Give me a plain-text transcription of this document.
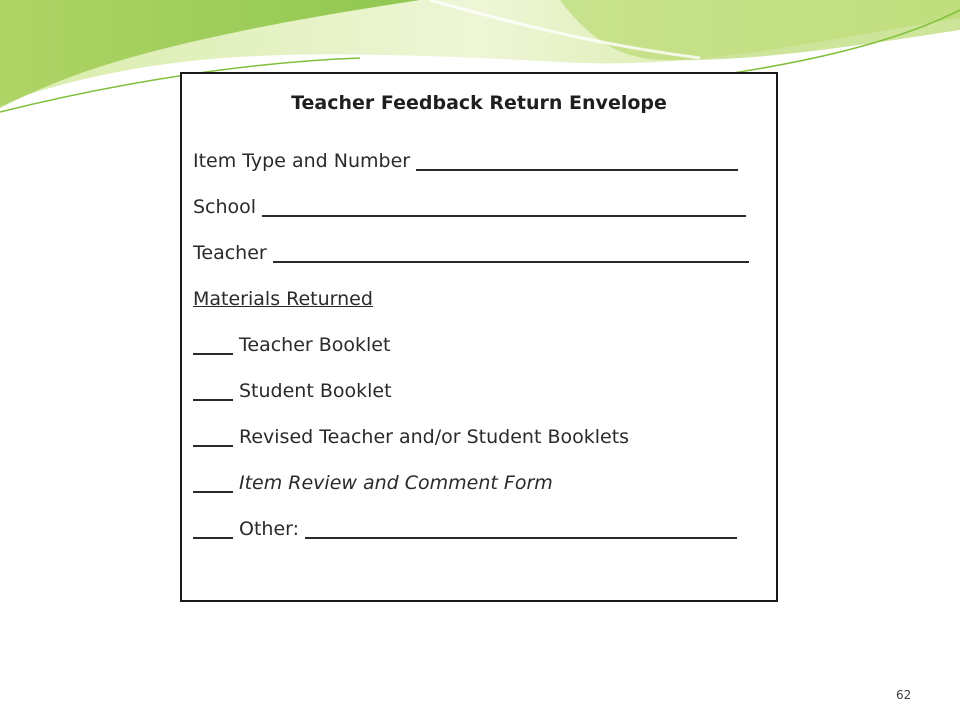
Teacher Feedback Return Envelope
Item Type and Number
School
Teacher
Materials Returned
Teacher Booklet
Student Booklet
Revised Teacher and/or Student Booklets
Item Review and Comment Form
Other:
62
